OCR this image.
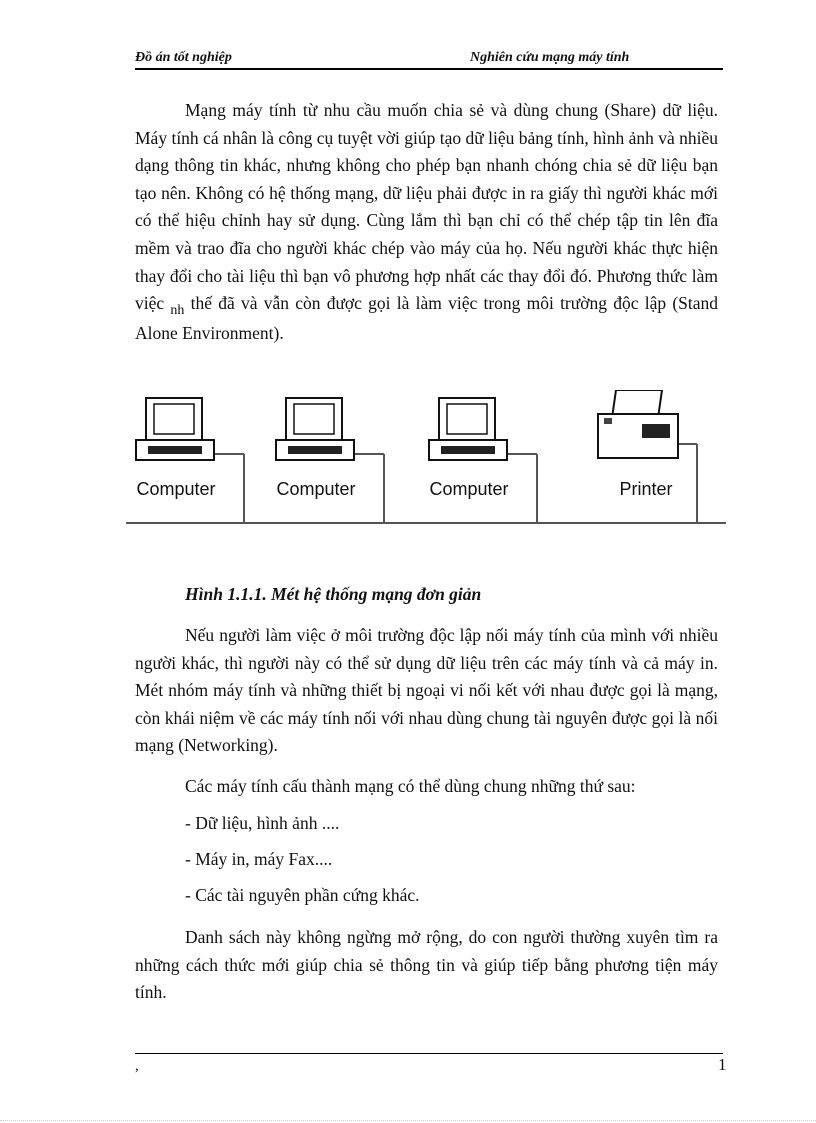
Đồ án tốt nghiệp	Nghiên cứu mạng máy tính

Mạng máy tính từ nhu cầu muốn chia sẻ và dùng chung (Share) dữ liệu. Máy tính cá nhân là công cụ tuyệt vời giúp tạo dữ liệu bảng tính, hình ảnh và nhiều dạng thông tin khác, nhưng không cho phép bạn nhanh chóng chia sẻ dữ liệu bạn tạo nên. Không có hệ thống mạng, dữ liệu phải được in ra giấy thì người khác mới có thể hiệu chỉnh hay sử dụng. Cùng lắm thì bạn chỉ có thể chép tập tin lên đĩa mềm và trao đĩa cho người khác chép vào máy của họ. Nếu người khác thực hiện thay đổi cho tài liệu thì bạn vô phương hợp nhất các thay đổi đó. Phương thức làm việc $_{nh}$ thế đã và vẫn còn được gọi là làm việc trong môi trường độc lập (Stand Alone Environment).

Computer	Computer	Computer	Printer
Hình 1.1.1. Mét hệ thống mạng đơn giản

Nếu người làm việc ở môi trường độc lập nối máy tính của mình với nhiều người khác, thì người này có thể sử dụng dữ liệu trên các máy tính và cả máy in. Mét nhóm máy tính và những thiết bị ngoại vi nối kết với nhau được gọi là mạng, còn khái niệm về các máy tính nối với nhau dùng chung tài nguyên được gọi là nối mạng (Networking).

Các máy tính cấu thành mạng có thể dùng chung những thứ sau:
- Dữ liệu, hình ảnh ....
- Máy in, máy Fax....
- Các tài nguyên phần cứng khác.

Danh sách này không ngừng mở rộng, do con người thường xuyên tìm ra những cách thức mới giúp chia sẻ thông tin và giúp tiếp bằng phương tiện máy tính.

,	1
